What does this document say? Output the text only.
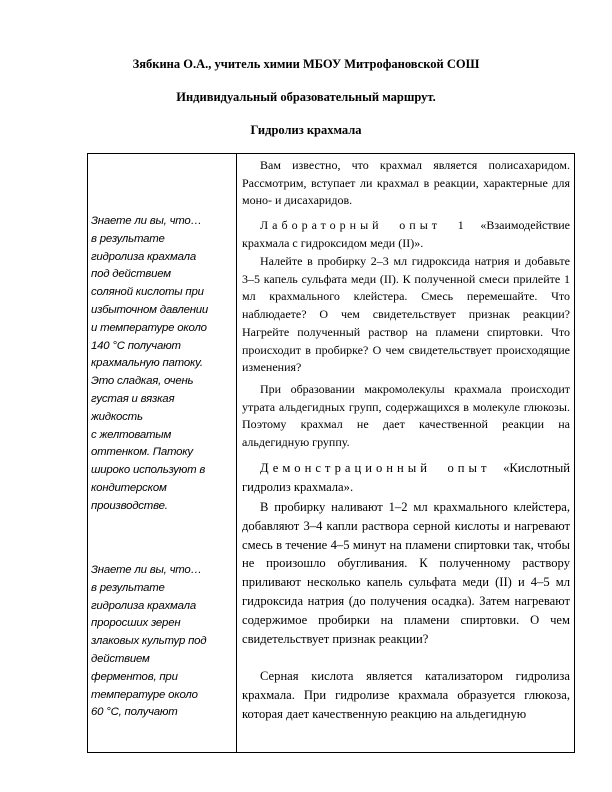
Зябкина О.А., учитель химии МБОУ Митрофановской СОШ
Индивидуальный образовательный маршрут.
Гидролиз крахмала
Знаете ли вы, что…
в результате
гидролиза крахмала
под действием
соляной кислоты при
избыточном давлении
и температуре около
140 °С получают
крахмальную патоку.
Это сладкая, очень
густая и вязкая
жидкость
с желтоватым
оттенком. Патоку
широко используют в
кондитерском
производстве.
Знаете ли вы, что…
в результате
гидролиза крахмала
проросших зерен
злаковых культур под
действием
ферментов, при
температуре около
60 °С, получают
Вам известно, что крахмал является полисахаридом. Рассмотрим, вступает ли крахмал в реакции, характерные для моно- и дисахаридов.
Лабораторный опыт 1 «Взаимодействие крахмала с гидроксидом меди (II)».
Налейте в пробирку 2–3 мл гидроксида натрия и добавьте 3–5 капель сульфата меди (II). К полученной смеси прилейте 1 мл крахмального клейстера. Смесь перемешайте. Что наблюдаете? О чем свидетельствует признак реакции? Нагрейте полученный раствор на пламени спиртовки. Что происходит в пробирке? О чем свидетельствует происходящие изменения?
При образовании макромолекулы крахмала происходит утрата альдегидных групп, содержащихся в молекуле глюкозы. Поэтому крахмал не дает качественной реакции на альдегидную группу.
Демонстрационный опыт «Кислотный гидролиз крахмала».
В пробирку наливают 1–2 мл крахмального клейстера, добавляют 3–4 капли раствора серной кислоты и нагревают смесь в течение 4–5 минут на пламени спиртовки так, чтобы не произошло обугливания. К полученному раствору приливают несколько капель сульфата меди (II) и 4–5 мл гидроксида натрия (до получения осадка). Затем нагревают содержимое пробирки на пламени спиртовки. О чем свидетельствует признак реакции?
Серная кислота является катализатором гидролиза крахмала. При гидролизе крахмала образуется глюкоза, которая дает качественную реакцию на альдегидную
